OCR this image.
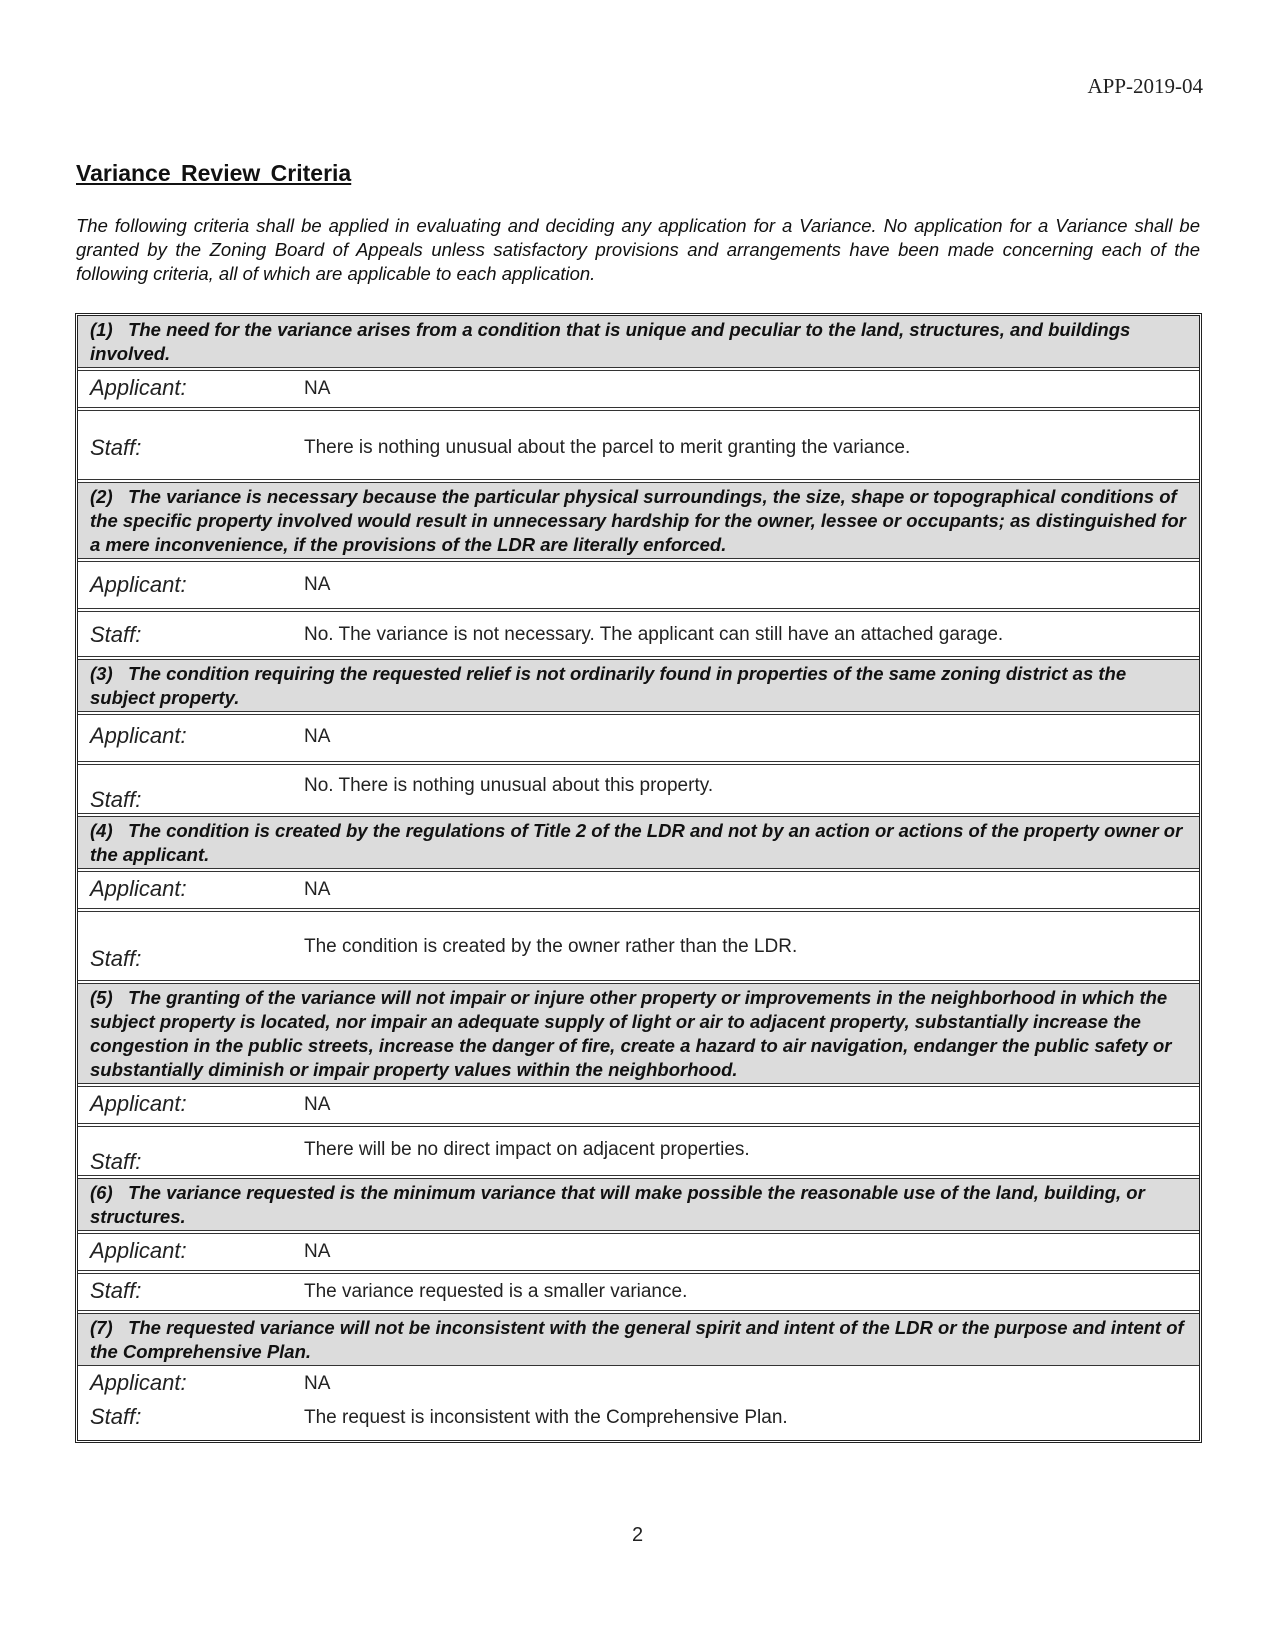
APP-2019-04
Variance Review Criteria
The following criteria shall be applied in evaluating and deciding any application for a Variance. No application for a Variance shall be granted by the Zoning Board of Appeals unless satisfactory provisions and arrangements have been made concerning each of the following criteria, all of which are applicable to each application.
(1) The need for the variance arises from a condition that is unique and peculiar to the land, structures, and buildings involved.
Applicant:	NA
Staff:	There is nothing unusual about the parcel to merit granting the variance.
(2) The variance is necessary because the particular physical surroundings, the size, shape or topographical conditions of the specific property involved would result in unnecessary hardship for the owner, lessee or occupants; as distinguished for a mere inconvenience, if the provisions of the LDR are literally enforced.
Applicant:	NA
Staff:	No. The variance is not necessary. The applicant can still have an attached garage.
(3) The condition requiring the requested relief is not ordinarily found in properties of the same zoning district as the subject property.
Applicant:	NA
Staff:
No. There is nothing unusual about this property.
(4) The condition is created by the regulations of Title 2 of the LDR and not by an action or actions of the property owner or the applicant.
Applicant:	NA
Staff:	The condition is created by the owner rather than the LDR.
(5) The granting of the variance will not impair or injure other property or improvements in the neighborhood in which the subject property is located, nor impair an adequate supply of light or air to adjacent property, substantially increase the congestion in the public streets, increase the danger of fire, create a hazard to air navigation, endanger the public safety or substantially diminish or impair property values within the neighborhood.
Applicant:	NA
Staff:	There will be no direct impact on adjacent properties.
(6) The variance requested is the minimum variance that will make possible the reasonable use of the land, building, or structures.
Applicant:	NA
Staff:	The variance requested is a smaller variance.
(7) The requested variance will not be inconsistent with the general spirit and intent of the LDR or the purpose and intent of the Comprehensive Plan.
Applicant:	NA
Staff:	The request is inconsistent with the Comprehensive Plan.
2
